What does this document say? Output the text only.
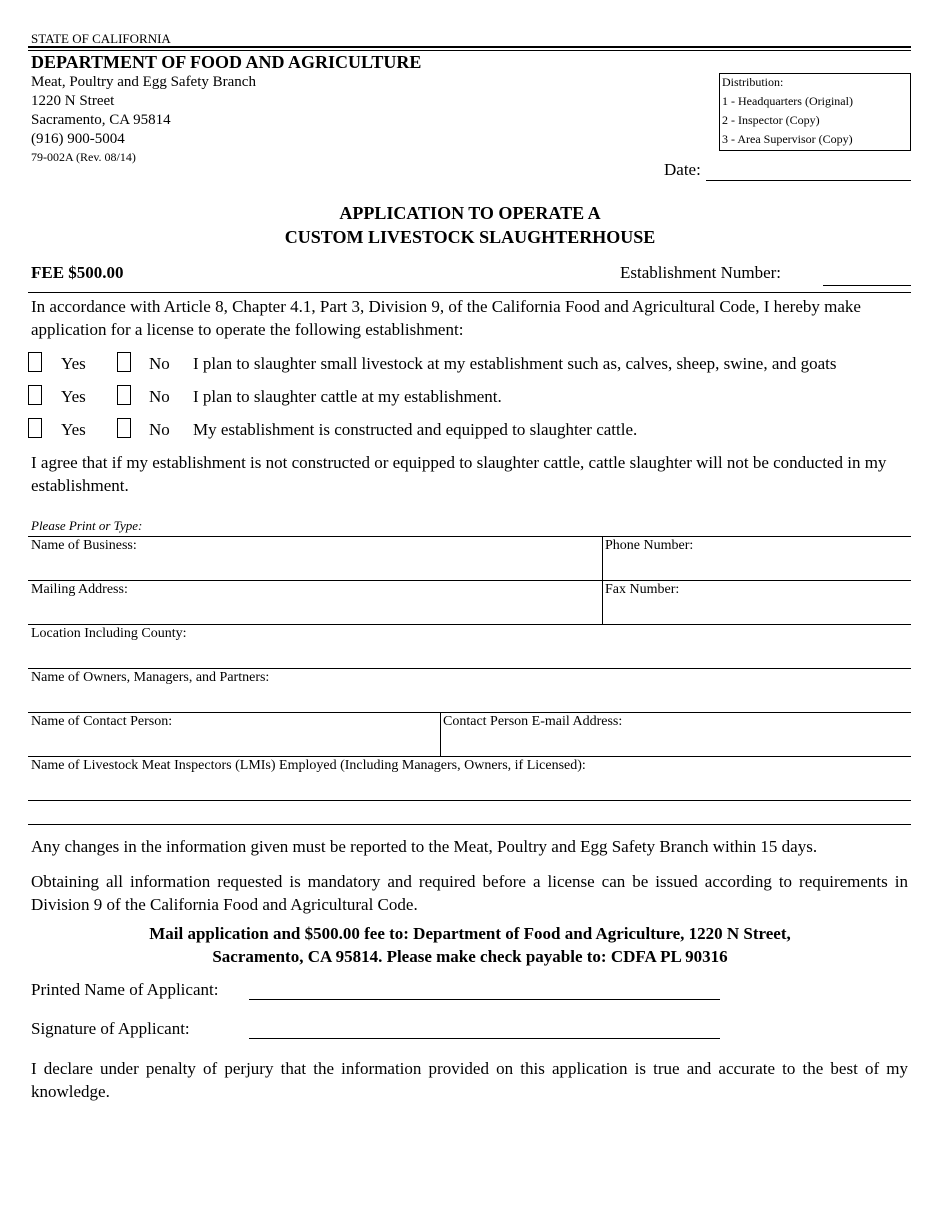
STATE OF CALIFORNIA
DEPARTMENT OF FOOD AND AGRICULTURE
Meat, Poultry and Egg Safety Branch
1220 N Street
Sacramento, CA 95814
(916) 900-5004
79-002A (Rev. 08/14)
Distribution:
1 - Headquarters (Original)
2 - Inspector (Copy)
3 - Area Supervisor (Copy)
Date:
APPLICATION TO OPERATE A
CUSTOM LIVESTOCK SLAUGHTERHOUSE
FEE $500.00	Establishment Number:
In accordance with Article 8, Chapter 4.1, Part 3, Division 9, of the California Food and Agricultural Code, I hereby make application for a license to operate the following establishment:
Yes	No I plan to slaughter small livestock at my establishment such as, calves, sheep, swine, and goats
Yes	No I plan to slaughter cattle at my establishment.
Yes	No My establishment is constructed and equipped to slaughter cattle.
I agree that if my establishment is not constructed or equipped to slaughter cattle, cattle slaughter will not be conducted in my establishment.
Please Print or Type:
Name of Business:	Phone Number:
Mailing Address:	Fax Number:
Location Including County:
Name of Owners, Managers, and Partners:
Name of Contact Person:	Contact Person E-mail Address:
Name of Livestock Meat Inspectors (LMIs) Employed (Including Managers, Owners, if Licensed):
Any changes in the information given must be reported to the Meat, Poultry and Egg Safety Branch within 15 days.
Obtaining all information requested is mandatory and required before a license can be issued according to requirements in Division 9 of the California Food and Agricultural Code.
Mail application and $500.00 fee to: Department of Food and Agriculture, 1220 N Street,
Sacramento, CA 95814. Please make check payable to: CDFA PL 90316
Printed Name of Applicant:
Signature of Applicant:
I declare under penalty of perjury that the information provided on this application is true and accurate to the best of my knowledge.
